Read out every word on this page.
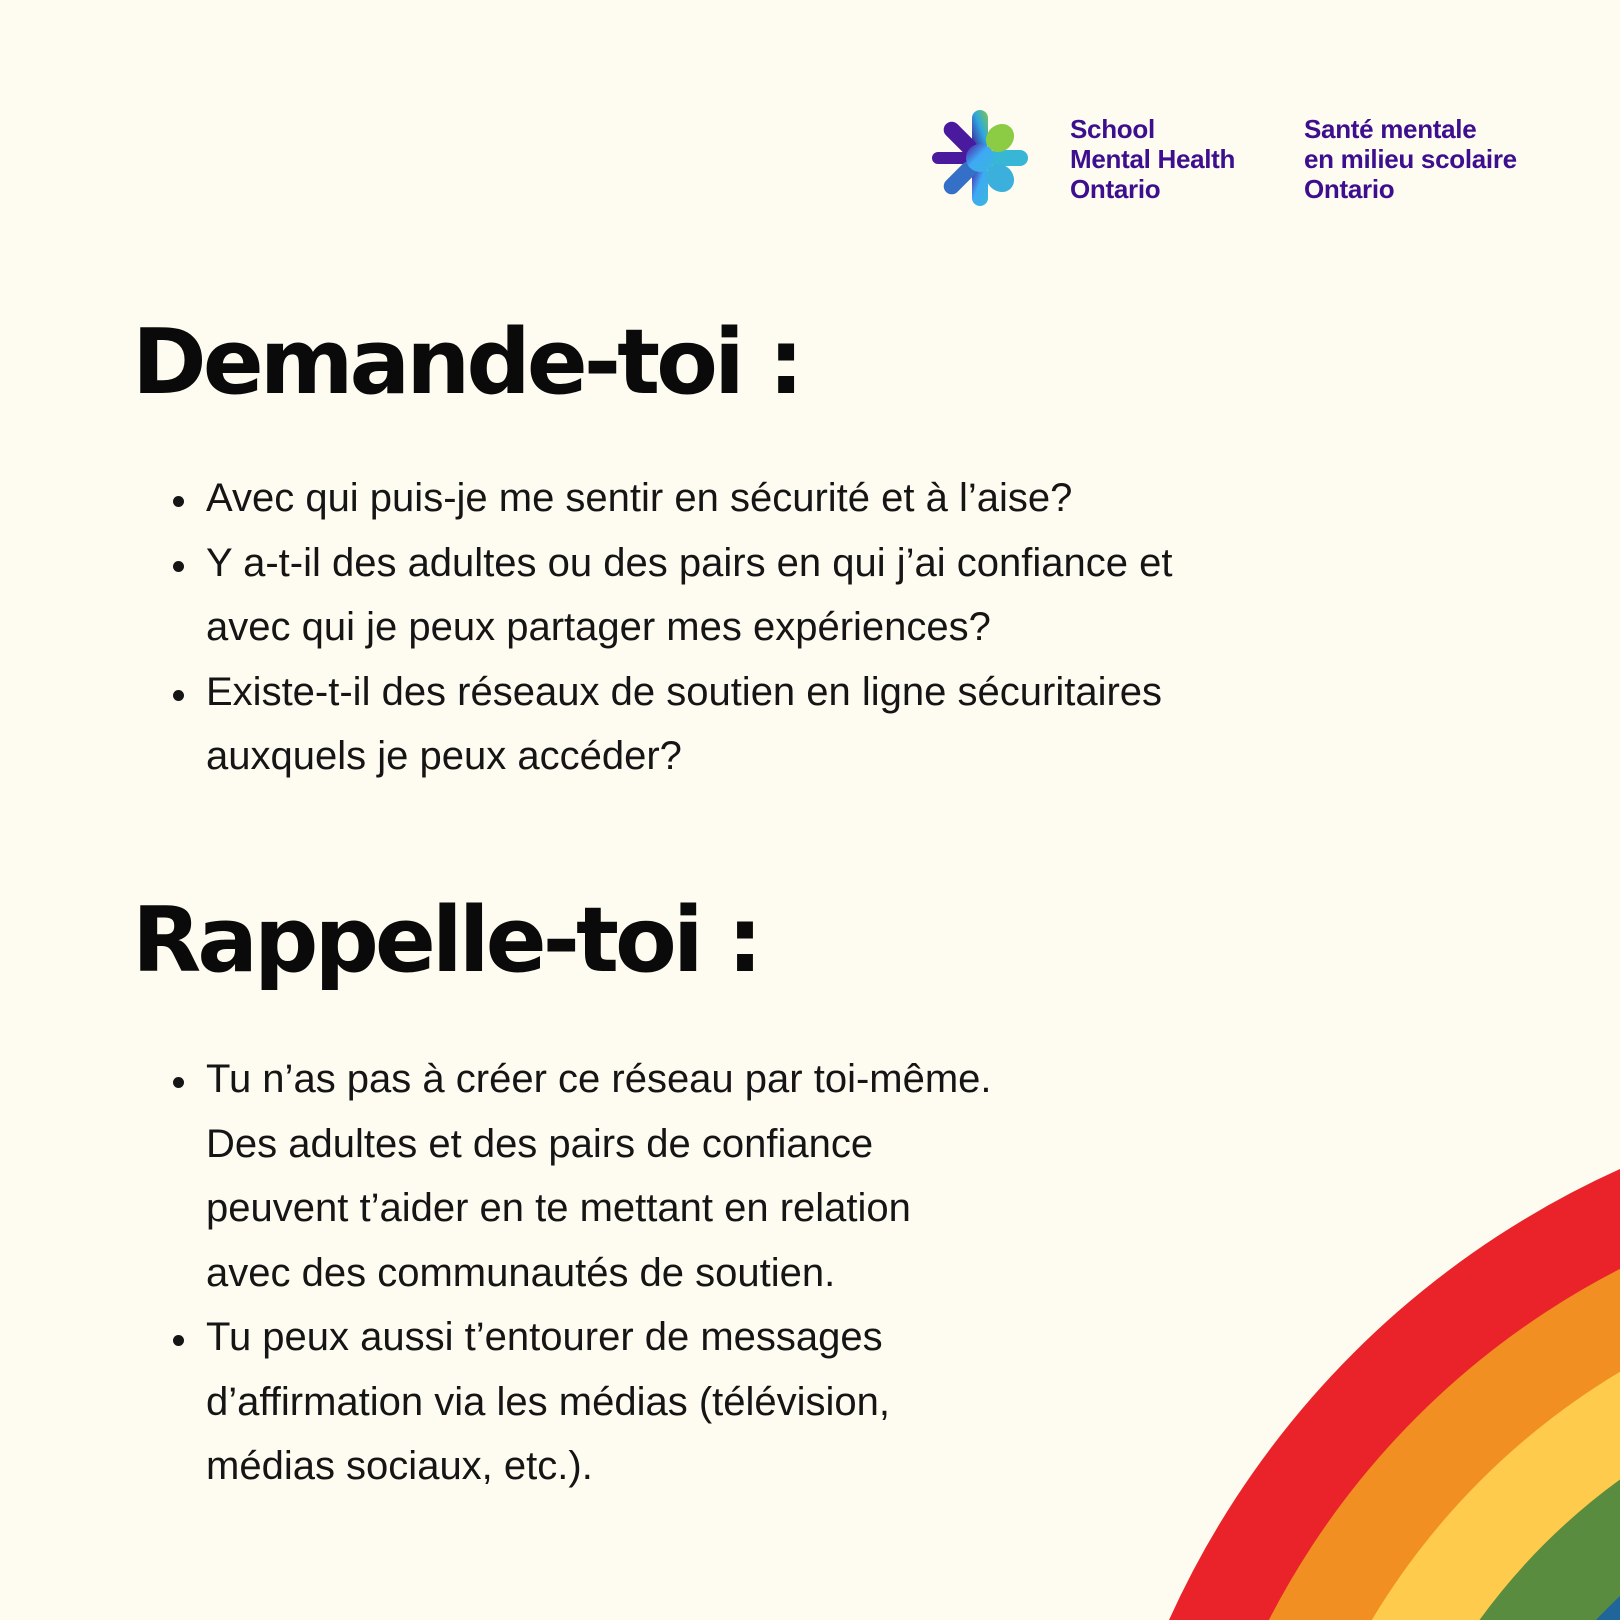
School
Mental Health
Ontario
Santé mentale
en milieu scolaire
Ontario
Demande-toi :
Avec qui puis-je me sentir en sécurité et à l’aise?
Y a-t-il des adultes ou des pairs en qui j’ai confiance et
avec qui je peux partager mes expériences?
Existe-t-il des réseaux de soutien en ligne sécuritaires
auxquels je peux accéder?
Rappelle-toi :
Tu n’as pas à créer ce réseau par toi-même.
Des adultes et des pairs de confiance
peuvent t’aider en te mettant en relation
avec des communautés de soutien.
Tu peux aussi t’entourer de messages
d’affirmation via les médias (télévision,
médias sociaux, etc.).
